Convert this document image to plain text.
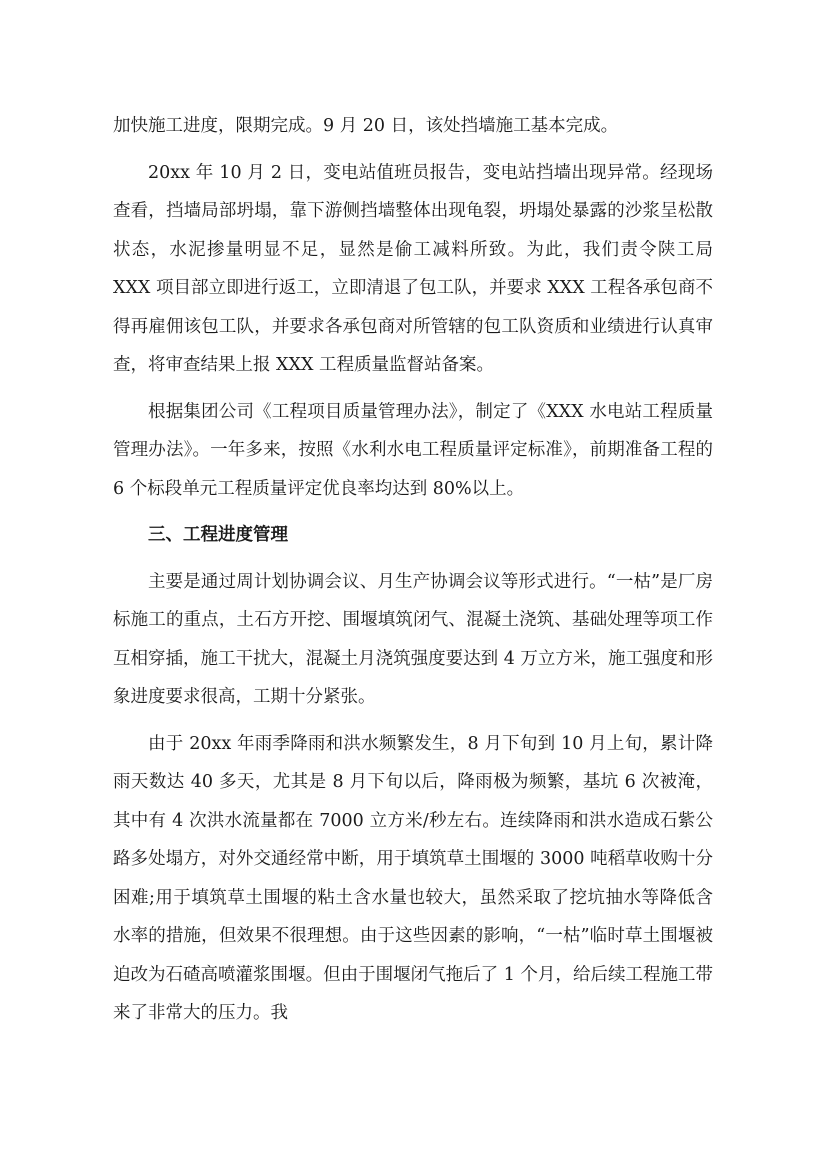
加快施工进度，限期完成。9 月 20 日，该处挡墙施工基本完成。

20xx 年 10 月 2 日，变电站值班员报告，变电站挡墙出现异常。经现场查看，挡墙局部坍塌，靠下游侧挡墙整体出现龟裂，坍塌处暴露的沙浆呈松散状态，水泥掺量明显不足，显然是偷工减料所致。为此，我们责令陕工局 XXX 项目部立即进行返工，立即清退了包工队，并要求 XXX 工程各承包商不得再雇佣该包工队，并要求各承包商对所管辖的包工队资质和业绩进行认真审查，将审查结果上报 XXX 工程质量监督站备案。

根据集团公司《工程项目质量管理办法》，制定了《XXX 水电站工程质量管理办法》。一年多来，按照《水利水电工程质量评定标准》，前期准备工程的 6 个标段单元工程质量评定优良率均达到 80%以上。

三、工程进度管理

主要是通过周计划协调会议、月生产协调会议等形式进行。“一枯”是厂房标施工的重点，土石方开挖、围堰填筑闭气、混凝土浇筑、基础处理等项工作互相穿插，施工干扰大，混凝土月浇筑强度要达到 4 万立方米，施工强度和形象进度要求很高，工期十分紧张。

由于 20xx 年雨季降雨和洪水频繁发生，8 月下旬到 10 月上旬，累计降雨天数达 40 多天，尤其是 8 月下旬以后，降雨极为频繁，基坑 6 次被淹，其中有 4 次洪水流量都在 7000 立方米/秒左右。连续降雨和洪水造成石紫公路多处塌方，对外交通经常中断，用于填筑草土围堰的 3000 吨稻草收购十分困难;用于填筑草土围堰的粘土含水量也较大，虽然采取了挖坑抽水等降低含水率的措施，但效果不很理想。由于这些因素的影响，“一枯”临时草土围堰被迫改为石碴高喷灌浆围堰。但由于围堰闭气拖后了 1 个月，给后续工程施工带来了非常大的压力。我
